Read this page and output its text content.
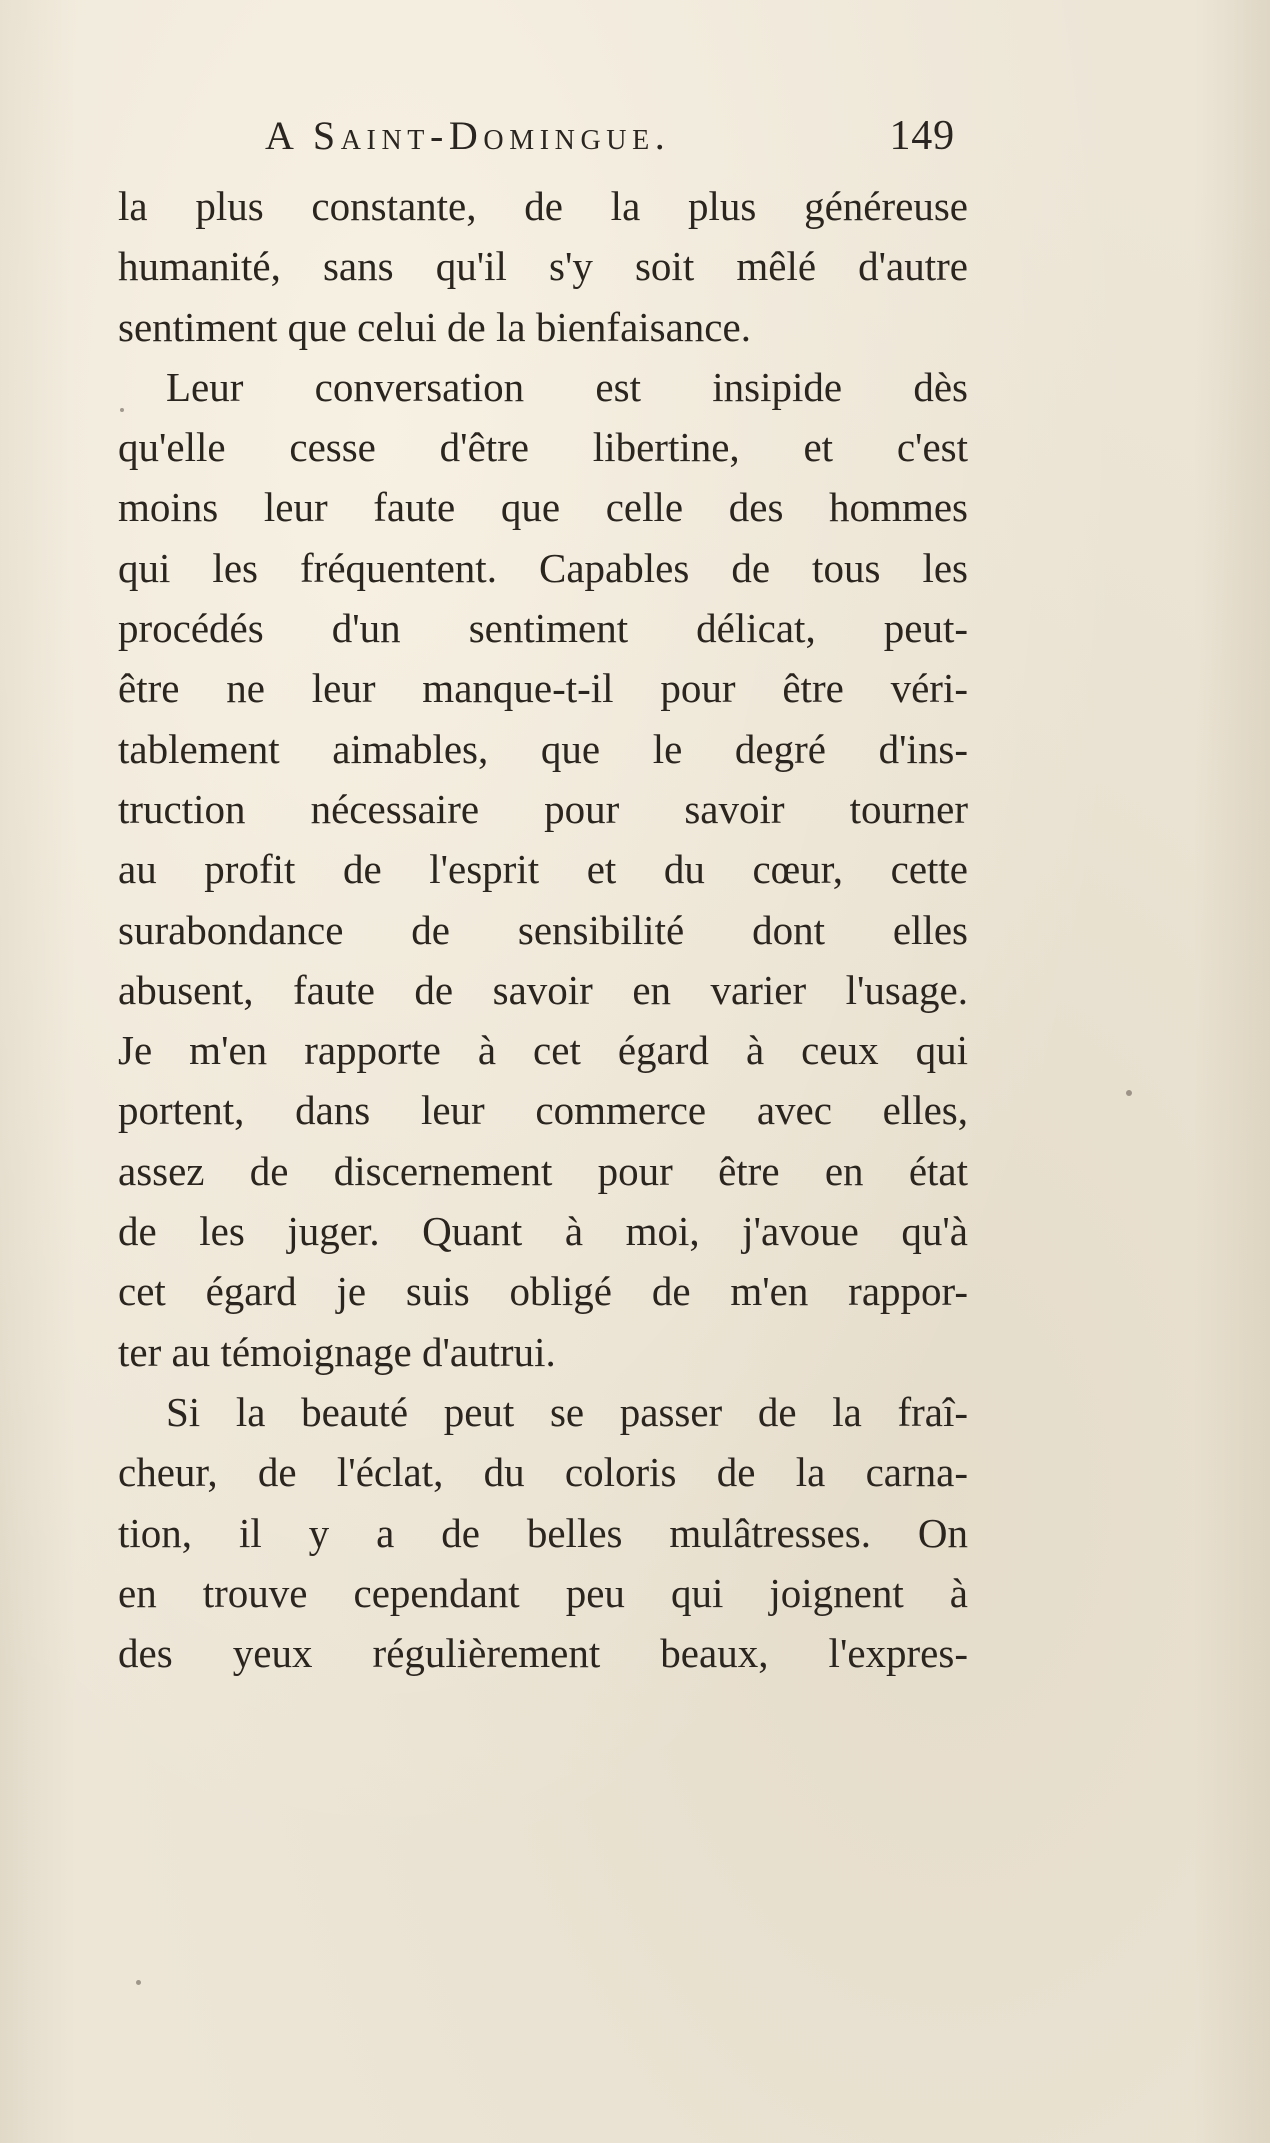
A Saint-Domingue.	149
la plus constante, de la plus généreuse
humanité, sans qu'il s'y soit mêlé d'autre
sentiment que celui de la bienfaisance.
Leur conversation est insipide dès
qu'elle cesse d'être libertine, et c'est
moins leur faute que celle des hommes
qui les fréquentent. Capables de tous les
procédés d'un sentiment délicat, peut-
être ne leur manque-t-il pour être véri-
tablement aimables, que le degré d'ins-
truction nécessaire pour savoir tourner
au profit de l'esprit et du cœur, cette
surabondance de sensibilité dont elles
abusent, faute de savoir en varier l'usage.
Je m'en rapporte à cet égard à ceux qui
portent, dans leur commerce avec elles,
assez de discernement pour être en état
de les juger. Quant à moi, j'avoue qu'à
cet égard je suis obligé de m'en rappor-
ter au témoignage d'autrui.
Si la beauté peut se passer de la fraî-
cheur, de l'éclat, du coloris de la carna-
tion, il y a de belles mulâtresses. On
en trouve cependant peu qui joignent à
des yeux régulièrement beaux, l'expres-
